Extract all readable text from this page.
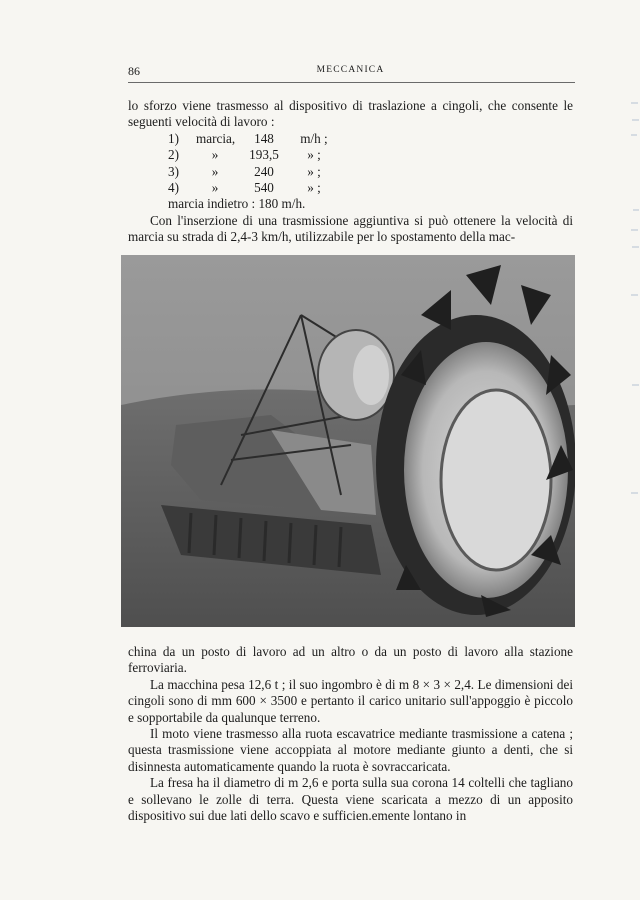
86	MECCANICA

lo sforzo viene trasmesso al dispositivo di traslazione a cingoli, che consente le seguenti velocità di lavoro :

1)	marcia,	148	m/h ;
2)	»	193,5	» ;
3)	»	240	» ;
4)	»	540	» ;
marcia indietro : 180 m/h.

Con l'inserzione di una trasmissione aggiuntiva si può ottenere la velocità di marcia su strada di 2,4-3 km/h, utilizzabile per lo spostamento della mac-

china da un posto di lavoro ad un altro o da un posto di lavoro alla stazione ferroviaria.

La macchina pesa 12,6 t ; il suo ingombro è di m 8 × 3 × 2,4. Le dimensioni dei cingoli sono di mm 600 × 3500 e pertanto il carico unitario sull'appoggio è piccolo e sopportabile da qualunque terreno.

Il moto viene trasmesso alla ruota escavatrice mediante trasmissione a catena ; questa trasmissione viene accoppiata al motore mediante giunto a denti, che si disinnesta automaticamente quando la ruota è sovraccaricata.

La fresa ha il diametro di m 2,6 e porta sulla sua corona 14 coltelli che tagliano e sollevano le zolle di terra. Questa viene scaricata a mezzo di un apposito dispositivo sui due lati dello scavo e sufficien.emente lontano in
